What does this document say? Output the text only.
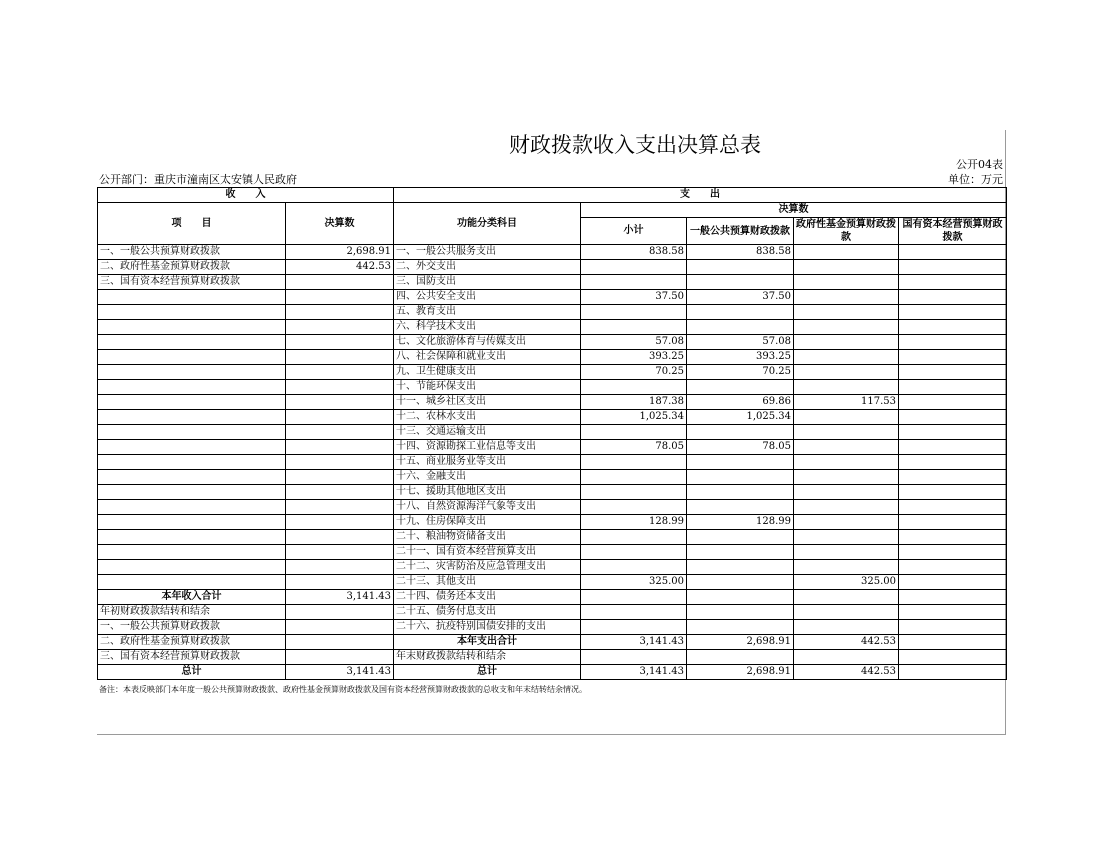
财政拨款收入支出决算总表
公开04表
公开部门：重庆市潼南区太安镇人民政府	单位：万元
收　　入		支　　出				
项　　目	决算数	功能分类科目	决算数			
			小计	一般公共预算财政拨款	政府性基金预算财政拨款	国有资本经营预算财政拨款

一、一般公共预算财政拨款	2,698.91	一、一般公共服务支出	838.58	838.58		
二、政府性基金预算财政拨款	442.53	二、外交支出				
三、国有资本经营预算财政拨款		三、国防支出				
		四、公共安全支出	37.50	37.50		
		五、教育支出				
		六、科学技术支出				
		七、文化旅游体育与传媒支出	57.08	57.08		
		八、社会保障和就业支出	393.25	393.25		
		九、卫生健康支出	70.25	70.25		
		十、节能环保支出				
		十一、城乡社区支出	187.38	69.86	117.53	
		十二、农林水支出	1,025.34	1,025.34		
		十三、交通运输支出				
		十四、资源勘探工业信息等支出	78.05	78.05		
		十五、商业服务业等支出				
		十六、金融支出				
		十七、援助其他地区支出				
		十八、自然资源海洋气象等支出				
		十九、住房保障支出	128.99	128.99		
		二十、粮油物资储备支出				
		二十一、国有资本经营预算支出				
		二十二、灾害防治及应急管理支出				
		二十三、其他支出	325.00		325.00	
本年收入合计	3,141.43	二十四、债务还本支出				
年初财政拨款结转和结余		二十五、债务付息支出				
一、一般公共预算财政拨款		二十六、抗疫特别国债安排的支出				
二、政府性基金预算财政拨款		本年支出合计	3,141.43	2,698.91	442.53	
三、国有资本经营预算财政拨款		年末财政拨款结转和结余				
总计	3,141.43	总计	3,141.43	2,698.91	442.53	
备注：本表反映部门本年度一般公共预算财政拨款、政府性基金预算财政拨款及国有资本经营预算财政拨款的总收支和年末结转结余情况。
